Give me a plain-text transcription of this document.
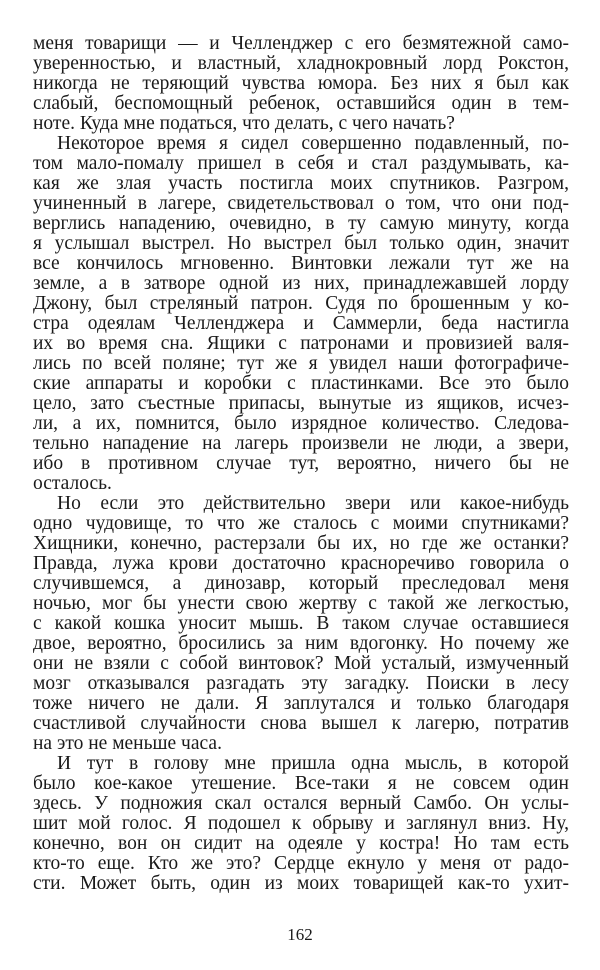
меня товарищи — и Челленджер с его безмятежной само-
уверенностью, и властный, хладнокровный лорд Рокстон,
никогда не теряющий чувства юмора. Без них я был как
слабый, беспомощный ребенок, оставшийся один в тем-
ноте. Куда мне податься, что делать, с чего начать?
Некоторое время я сидел совершенно подавленный, по-
том мало-помалу пришел в себя и стал раздумывать, ка-
кая же злая участь постигла моих спутников. Разгром,
учиненный в лагере, свидетельствовал о том, что они под-
верглись нападению, очевидно, в ту самую минуту, когда
я услышал выстрел. Но выстрел был только один, значит
все кончилось мгновенно. Винтовки лежали тут же на
земле, а в затворе одной из них, принадлежавшей лорду
Джону, был стреляный патрон. Судя по брошенным у ко-
стра одеялам Челленджера и Саммерли, беда настигла
их во время сна. Ящики с патронами и провизией валя-
лись по всей поляне; тут же я увидел наши фотографиче-
ские аппараты и коробки с пластинками. Все это было
цело, зато съестные припасы, вынутые из ящиков, исчез-
ли, а их, помнится, было изрядное количество. Следова-
тельно нападение на лагерь произвели не люди, а звери,
ибо в противном случае тут, вероятно, ничего бы не
осталось.
Но если это действительно звери или какое-нибудь
одно чудовище, то что же сталось с моими спутниками?
Хищники, конечно, растерзали бы их, но где же останки?
Правда, лужа крови достаточно красноречиво говорила о
случившемся, а динозавр, который преследовал меня
ночью, мог бы унести свою жертву с такой же легкостью,
с какой кошка уносит мышь. В таком случае оставшиеся
двое, вероятно, бросились за ним вдогонку. Но почему же
они не взяли с собой винтовок? Мой усталый, измученный
мозг отказывался разгадать эту загадку. Поиски в лесу
тоже ничего не дали. Я заплутался и только благодаря
счастливой случайности снова вышел к лагерю, потратив
на это не меньше часа.
И тут в голову мне пришла одна мысль, в которой
было кое-какое утешение. Все-таки я не совсем один
здесь. У подножия скал остался верный Самбо. Он услы-
шит мой голос. Я подошел к обрыву и заглянул вниз. Ну,
конечно, вон он сидит на одеяле у костра! Но там есть
кто-то еще. Кто же это? Сердце екнуло у меня от радо-
сти. Может быть, один из моих товарищей как-то ухит-
162
